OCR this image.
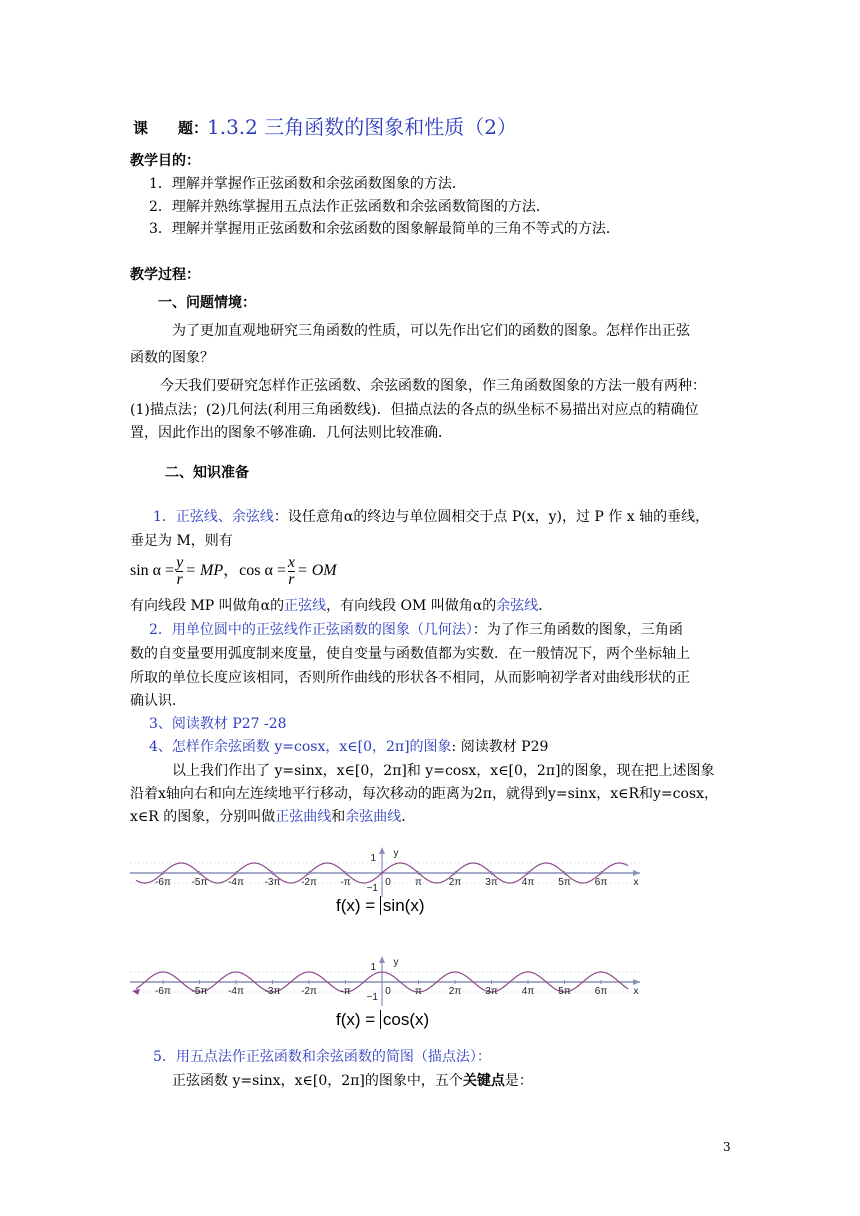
课　　题：
1.3.2 三角函数的图象和性质（2）
教学目的：
1．理解并掌握作正弦函数和余弦函数图象的方法．
2．理解并熟练掌握用五点法作正弦函数和余弦函数简图的方法．
3．理解并掌握用正弦函数和余弦函数的图象解最简单的三角不等式的方法．
教学过程：
一、问题情境：
为了更加直观地研究三角函数的性质，可以先作出它们的函数的图象。怎样作出正弦
函数的图象？
今天我们要研究怎样作正弦函数、余弦函数的图象，作三角函数图象的方法一般有两种：
(1)描点法；(2)几何法(利用三角函数线)．但描点法的各点的纵坐标不易描出对应点的精确位
置，因此作出的图象不够准确．几何法则比较准确．
二、知识准备
1．正弦线、余弦线：设任意角α的终边与单位圆相交于点 P(x，y)，过 P 作 x 轴的垂线，
垂足为 M，则有
$\sin \alpha = \frac{y}{r}$ = MP，$\cos \alpha = \frac{x}{r}$ = OM
有向线段 MP 叫做角α的正弦线，有向线段 OM 叫做角α的余弦线．
2．用单位圆中的正弦线作正弦函数的图象（几何法）：为了作三角函数的图象，三角函
数的自变量要用弧度制来度量，使自变量与函数值都为实数．在一般情况下，两个坐标轴上
所取的单位长度应该相同，否则所作曲线的形状各不相同，从而影响初学者对曲线形状的正
确认识．
3、阅读教材 P27 -28
4、怎样作余弦函数 y=cosx，x∈[0，2π]的图象: 阅读教材 P29
以上我们作出了 y=sinx，x∈[0，2π]和 y=cosx，x∈[0，2π]的图象，现在把上述图象
沿着x轴向右和向左连续地平行移动，每次移动的距离为2π，就得到y=sinx，x∈R和y=cosx，
x∈R 的图象，分别叫做正弦曲线和余弦曲线．
π
-π	2π
-2π	3π
-3π	4π
-4π	5π
-5π	6π
-6π	0
1
−1
y
x
π
-π	2π
-2π	3π
-3π	4π
-4π	5π
-5π	6π
-6π	0
1
−1
y
x
f(x) = sin(x)
f(x) = cos(x)
5．用五点法作正弦函数和余弦函数的简图（描点法）：
正弦函数 y=sinx，x∈[0，2π]的图象中，五个关键点是：
3
